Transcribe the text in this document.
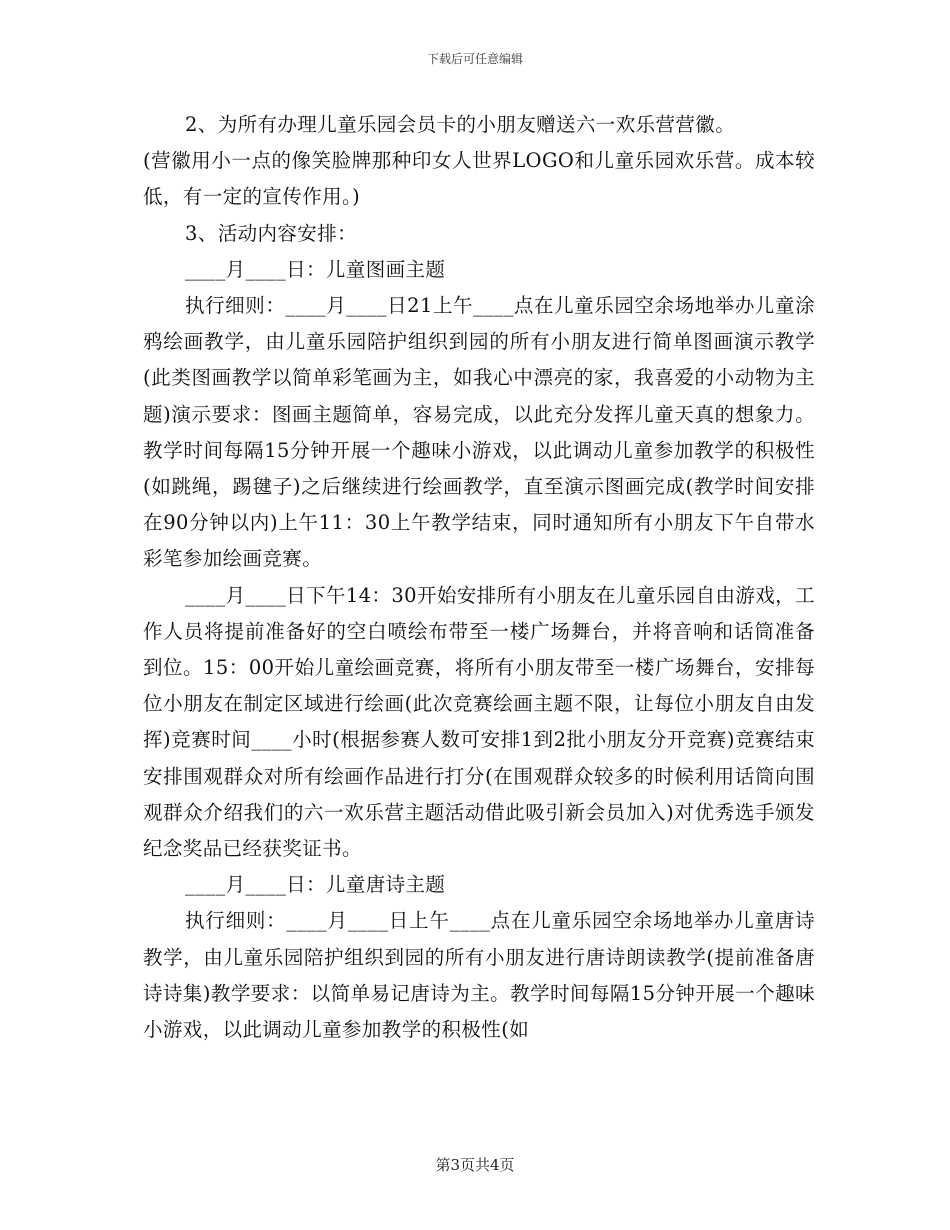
下载后可任意编辑

2、为所有办理儿童乐园会员卡的小朋友赠送六一欢乐营营徽。

(营徽用小一点的像笑脸牌那种印女人世界LOGO和儿童乐园欢乐营。成本较低，有一定的宣传作用。)

3、活动内容安排：

____月____日：儿童图画主题

执行细则：____月____日21上午____点在儿童乐园空余场地举办儿童涂鸦绘画教学，由儿童乐园陪护组织到园的所有小朋友进行简单图画演示教学(此类图画教学以简单彩笔画为主，如我心中漂亮的家，我喜爱的小动物为主题)演示要求：图画主题简单，容易完成，以此充分发挥儿童天真的想象力。教学时间每隔15分钟开展一个趣味小游戏，以此调动儿童参加教学的积极性(如跳绳，踢毽子)之后继续进行绘画教学，直至演示图画完成(教学时间安排在90分钟以内)上午11：30上午教学结束，同时通知所有小朋友下午自带水彩笔参加绘画竞赛。

____月____日下午14：30开始安排所有小朋友在儿童乐园自由游戏，工作人员将提前准备好的空白喷绘布带至一楼广场舞台，并将音响和话筒准备到位。15：00开始儿童绘画竞赛，将所有小朋友带至一楼广场舞台，安排每位小朋友在制定区域进行绘画(此次竞赛绘画主题不限，让每位小朋友自由发挥)竞赛时间____小时(根据参赛人数可安排1到2批小朋友分开竞赛)竞赛结束安排围观群众对所有绘画作品进行打分(在围观群众较多的时候利用话筒向围观群众介绍我们的六一欢乐营主题活动借此吸引新会员加入)对优秀选手颁发纪念奖品已经获奖证书。

____月____日：儿童唐诗主题

执行细则：____月____日上午____点在儿童乐园空余场地举办儿童唐诗教学，由儿童乐园陪护组织到园的所有小朋友进行唐诗朗读教学(提前准备唐诗诗集)教学要求：以简单易记唐诗为主。教学时间每隔15分钟开展一个趣味小游戏，以此调动儿童参加教学的积极性(如

第3页共4页
